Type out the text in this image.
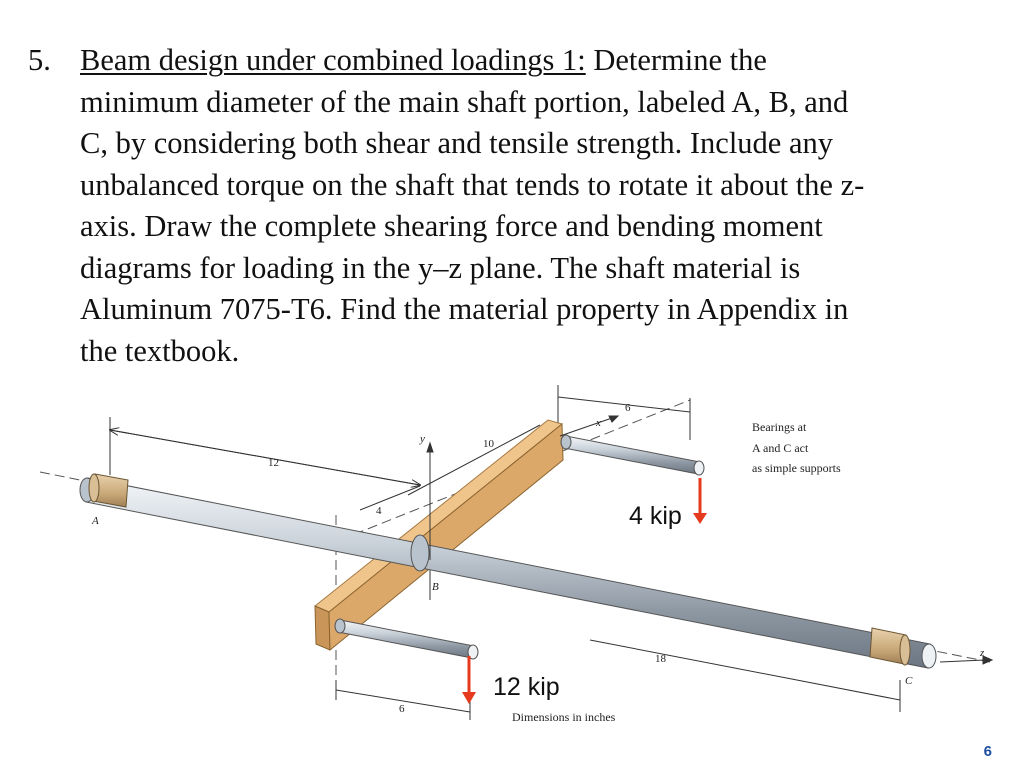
5. Beam design under combined loadings 1: Determine the
minimum diameter of the main shaft portion, labeled A, B, and
C, by considering both shear and tensile strength. Include any
unbalanced torque on the shaft that tends to rotate it about the z-
axis. Draw the complete shearing force and bending moment
diagrams for loading in the y–z plane. The shaft material is
Aluminum 7075-T6. Find the material property in Appendix in
the textbook.
12
10
4
6
6
18
A
B
C
x
y
z
4 kip
12 kip
Bearings at
A and C act
as simple supports
Dimensions in inches
6
